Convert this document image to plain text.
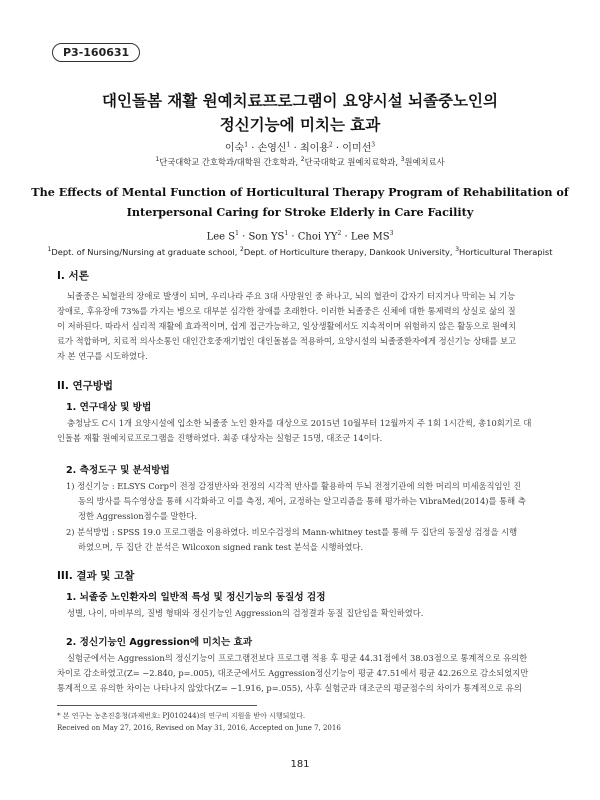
P3-160631
대인돌봄 재활 원예치료프로그램이 요양시설 뇌졸중노인의
정신기능에 미치는 효과
이숙$^1$ · 손영신$^1$ · 최이용$^2$ · 이미선$^3$
$^1$단국대학교 간호학과/대학원 간호학과, $^2$단국대학교 원예치료학과, $^3$원예치료사
The Effects of Mental Function of Horticultural Therapy Program of Rehabilitation of
Interpersonal Caring for Stroke Elderly in Care Facility
Lee $S^1$ · Son $YS^1$ · Choi $YY^2$ · Lee $MS^3$
$^1$Dept. of Nursing/Nursing at graduate school, $^2$Dept. of Horticulture therapy, Dankook University, $^3$Horticultural Therapist
I. 서론
뇌졸중은 뇌혈관의 장애로 발생이 되며, 우리나라 주요 3대 사망원인 중 하나고, 뇌의 혈관이 갑자기 터지거나 막히는 뇌 기능
장애로, 후유장애 73%를 가지는 병으로 대부분 심각한 장애를 초래한다. 이러한 뇌졸중은 신체에 대한 통제력의 상실로 삶의 질
이 저하된다. 따라서 심리적 재활에 효과적이며, 쉽게 접근가능하고, 일상생활에서도 지속적이며 위험하지 않은 활동으로 원예치
료가 적합하며, 치료적 의사소통인 대인간호중재기법인 대인돌봄을 적용하여, 요양시설의 뇌졸중환자에게 정신기능 상태를 보고
자 본 연구를 시도하였다.
II. 연구방법
1. 연구대상 및 방법
충청남도 C시 1개 요양시설에 입소한 뇌졸중 노인 환자를 대상으로 2015년 10월부터 12월까지 주 1회 1시간씩, 총10회기로 대
인돌봄 재활 원예치료프로그램을 진행하였다. 최종 대상자는 실험군 15명, 대조군 14이다.
2. 측정도구 및 분석방법
1) 정신기능 : ELSYS Corp이 전정 감정반사와 전정의 시각적 반사를 활용하여 두뇌 전정기관에 의한 머리의 미세움직임인 진
동의 방사를 특수영상을 통해 시각화하고 이를 측정, 제어, 교정하는 알고리즘을 통해 평가하는 VibraMed(2014)를 통해 측
정한 Aggression점수를 말한다.
2) 분석방법 : SPSS 19.0 프로그램을 이용하였다. 비모수검정의 Mann-whitney test를 통해 두 집단의 동질성 검정을 시행
하였으며, 두 집단 간 분석은 Wilcoxon signed rank test 분석을 시행하였다.
III. 결과 및 고찰
1. 뇌졸중 노인환자의 일반적 특성 및 정신기능의 동질성 검정
성별, 나이, 마비부의, 질병 형태와 정신기능인 Aggression의 검정결과 동질 집단임을 확인하였다.
2. 정신기능인 Aggression에 미치는 효과
실험군에서는 Aggression의 정신기능이 프로그램전보다 프로그램 적용 후 평균 44.31점에서 38.03점으로 통계적으로 유의한
차이로 감소하였고(Z= −2.840, p=.005), 대조군에서도 Aggression정신기능이 평균 47.51에서 평균 42.26으로 감소되었지만
통계적으로 유의한 차이는 나타나지 않았다(Z= −1.916, p=.055), 사후 실험군과 대조군의 평균점수의 차이가 통계적으로 유의
* 본 연구는 농촌진흥청(과제번호: PJ010244)의 연구비 지원을 받아 시행되었다.
Received on May 27, 2016, Revised on May 31, 2016, Accepted on June 7, 2016
181
